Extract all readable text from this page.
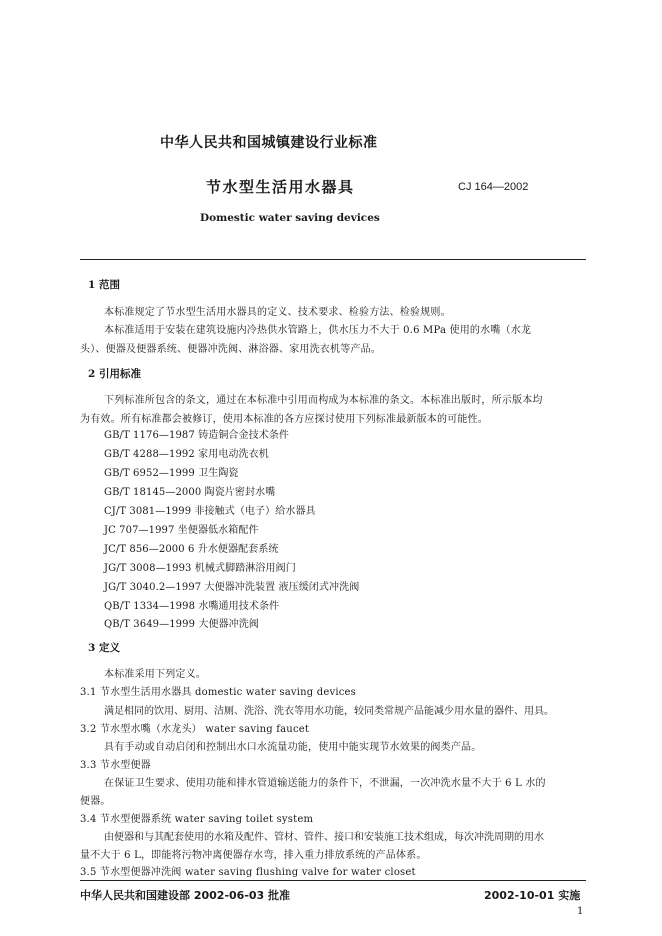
中华人民共和国城镇建设行业标准
节水型生活用水器具	CJ 164—2002
Domestic water saving devices
1 范围
本标准规定了节水型生活用水器具的定义、技术要求、检验方法、检验规则。
本标准适用于安装在建筑设施内冷热供水管路上，供水压力不大于 0.6 MPa 使用的水嘴（水龙
头）、便器及便器系统、便器冲洗阀、淋浴器、家用洗衣机等产品。
2 引用标准
下列标准所包含的条文，通过在本标准中引用而构成为本标准的条文。本标准出版时，所示版本均
为有效。所有标准都会被修订，使用本标准的各方应探讨使用下列标准最新版本的可能性。
GB/T 1176—1987 铸造铜合金技术条件
GB/T 4288—1992 家用电动洗衣机
GB/T 6952—1999 卫生陶瓷
GB/T 18145—2000 陶瓷片密封水嘴
CJ/T 3081—1999 非接触式（电子）给水器具
JC 707—1997 坐便器低水箱配件
JC/T 856—2000 6 升水便器配套系统
JG/T 3008—1993 机械式脚踏淋浴用阀门
JG/T 3040.2—1997 大便器冲洗装置 液压缓闭式冲洗阀
QB/T 1334—1998 水嘴通用技术条件
QB/T 3649—1999 大便器冲洗阀
3 定义
本标准采用下列定义。
3.1 节水型生活用水器具 domestic water saving devices
满足相同的饮用、厨用、洁厕、洗浴、洗衣等用水功能，较同类常规产品能减少用水量的器件、用具。
3.2 节水型水嘴（水龙头） water saving faucet
具有手动或自动启闭和控制出水口水流量功能，使用中能实现节水效果的阀类产品。
3.3 节水型便器
在保证卫生要求、使用功能和排水管道输送能力的条件下，不泄漏，一次冲洗水量不大于 6 L 水的
便器。
3.4 节水型便器系统 water saving toilet system
由便器和与其配套使用的水箱及配件、管材、管件、接口和安装施工技术组成，每次冲洗周期的用水
量不大于 6 L，即能将污物冲离便器存水弯，排入重力排放系统的产品体系。
3.5 节水型便器冲洗阀 water saving flushing valve for water closet
中华人民共和国建设部 2002-06-03 批准	2002-10-01 实施
1
